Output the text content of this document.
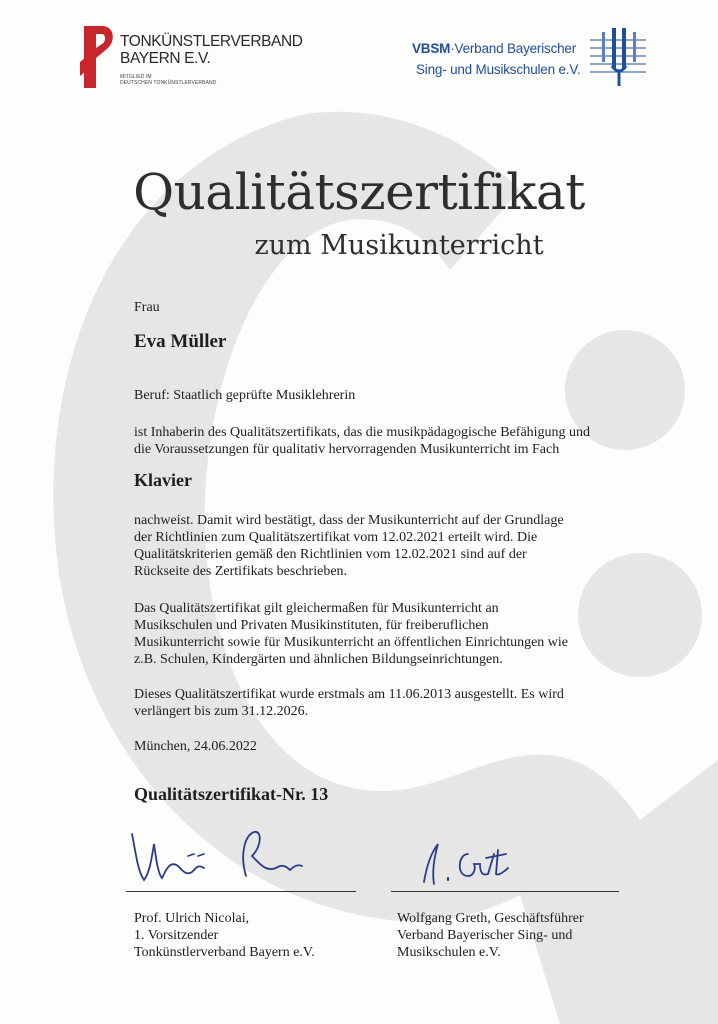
TONKÜNSTLERVERBAND
BAYERN E.V.
MITGLIED IM
DEUTSCHEN TONKÜNSTLERVERBAND
VBSM·Verband Bayerischer
Sing- und Musikschulen e.V.
Qualitätszertifikat
zum Musikunterricht
Frau
Eva Müller
Beruf: Staatlich geprüfte Musiklehrerin
ist Inhaberin des Qualitätszertifikats, das die musikpädagogische Befähigung und
die Voraussetzungen für qualitativ hervorragenden Musikunterricht im Fach
Klavier
nachweist. Damit wird bestätigt, dass der Musikunterricht auf der Grundlage
der Richtlinien zum Qualitätszertifikat vom 12.02.2021 erteilt wird. Die
Qualitätskriterien gemäß den Richtlinien vom 12.02.2021 sind auf der
Rückseite des Zertifikats beschrieben.
Das Qualitätszertifikat gilt gleichermaßen für Musikunterricht an
Musikschulen und Privaten Musikinstituten, für freiberuflichen
Musikunterricht sowie für Musikunterricht an öffentlichen Einrichtungen wie
z.B. Schulen, Kindergärten und ähnlichen Bildungseinrichtungen.
Dieses Qualitätszertifikat wurde erstmals am 11.06.2013 ausgestellt. Es wird
verlängert bis zum 31.12.2026.
München, 24.06.2022
Qualitätszertifikat-Nr. 13
Prof. Ulrich Nicolai,
1. Vorsitzender
Tonkünstlerverband Bayern e.V.
Wolfgang Greth, Geschäftsführer
Verband Bayerischer Sing- und
Musikschulen e.V.
